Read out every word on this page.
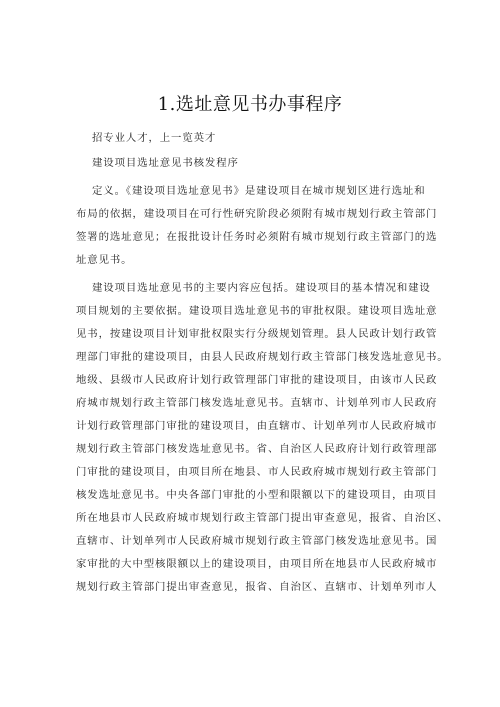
1.选址意见书办事程序
招专业人才，上一览英才
建设项目选址意见书核发程序
定义。《建设项目选址意见书》是建设项目在城市规划区进行选址和
布局的依据，建设项目在可行性研究阶段必须附有城市规划行政主管部门
签署的选址意见；在报批设计任务时必须附有城市规划行政主管部门的选
址意见书。
建设项目选址意见书的主要内容应包括。建设项目的基本情况和建设
项目规划的主要依据。建设项目选址意见书的审批权限。建设项目选址意
见书，按建设项目计划审批权限实行分级规划管理。县人民政计划行政管
理部门审批的建设项目，由县人民政府规划行政主管部门核发选址意见书。
地级、县级市人民政府计划行政管理部门审批的建设项目，由该市人民政
府城市规划行政主管部门核发选址意见书。直辖市、计划单列市人民政府
计划行政管理部门审批的建设项目，由直辖市、计划单列市人民政府城市
规划行政主管部门核发选址意见书。省、自治区人民政府计划行政管理部
门审批的建设项目，由项目所在地县、市人民政府城市规划行政主管部门
核发选址意见书。中央各部门审批的小型和限额以下的建设项目，由项目
所在地县市人民政府城市规划行政主管部门提出审查意见，报省、自治区、
直辖市、计划单列市人民政府城市规划行政主管部门核发选址意见书。国
家审批的大中型核限额以上的建设项目，由项目所在地县市人民政府城市
规划行政主管部门提出审查意见，报省、自治区、直辖市、计划单列市人
